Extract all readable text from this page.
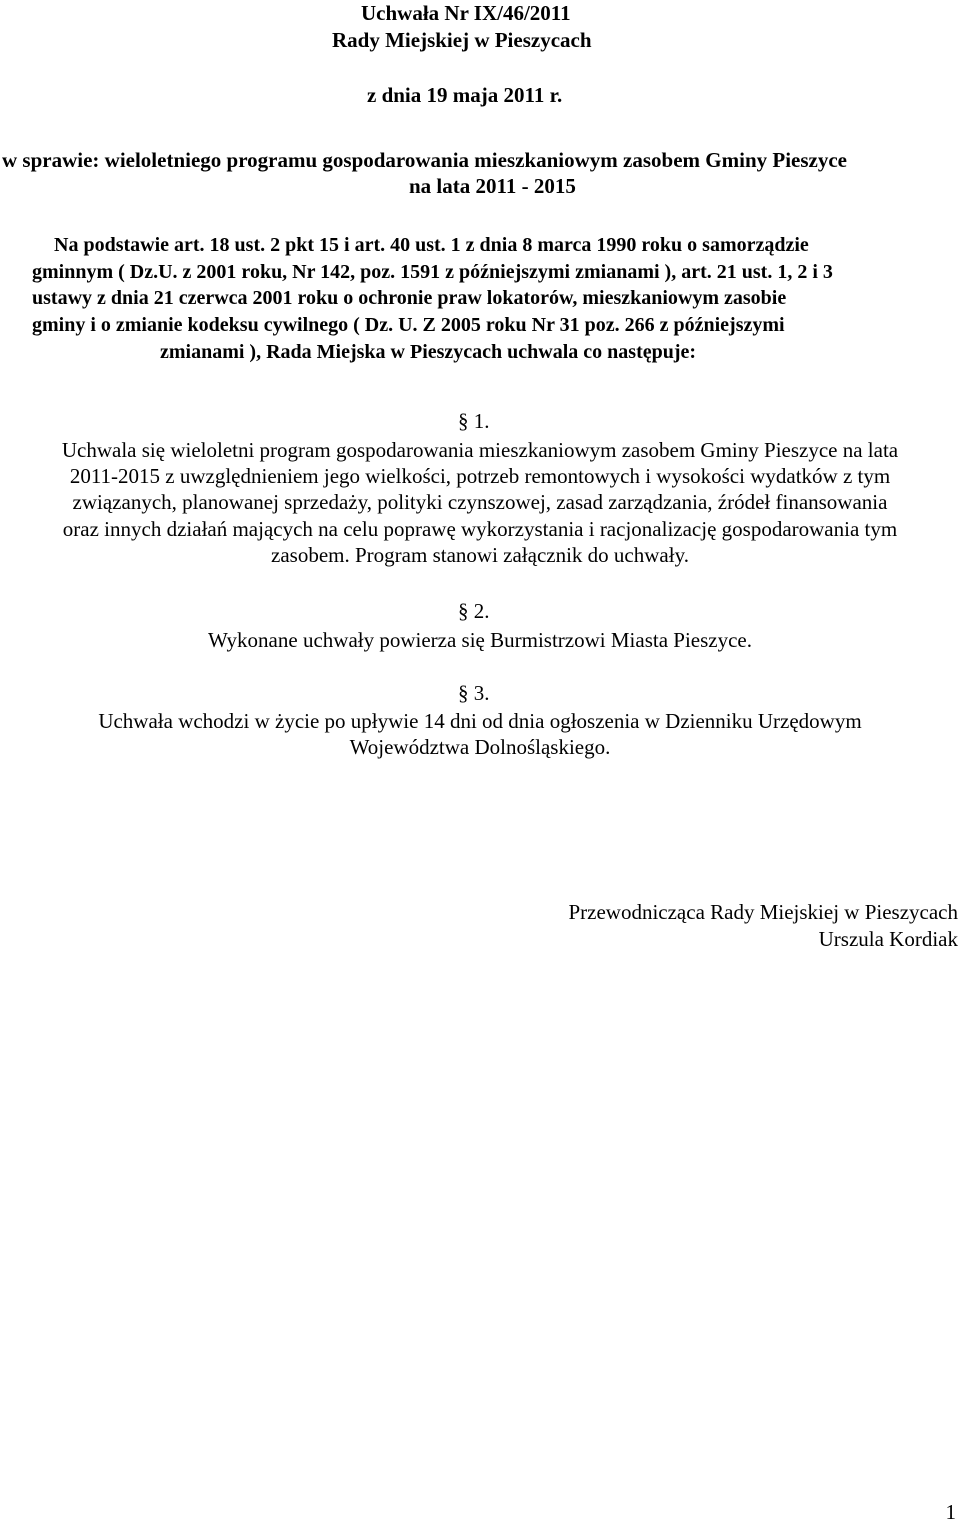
Uchwała Nr IX/46/2011
Rady Miejskiej w Pieszycach
z dnia 19 maja 2011 r.
w sprawie: wieloletniego programu gospodarowania mieszkaniowym zasobem Gminy Pieszyce
na lata 2011 - 2015
Na podstawie art. 18 ust. 2 pkt 15 i art. 40 ust. 1 z dnia 8 marca 1990 roku o samorządzie
gminnym ( Dz.U. z 2001 roku, Nr 142, poz. 1591 z późniejszymi zmianami ), art. 21 ust. 1, 2 i 3
ustawy z dnia 21 czerwca 2001 roku o ochronie praw lokatorów, mieszkaniowym zasobie
gminy i o zmianie kodeksu cywilnego ( Dz. U. Z 2005 roku Nr 31 poz. 266 z późniejszymi
zmianami ), Rada Miejska w Pieszycach uchwala co następuje:
§ 1.
Uchwala się wieloletni program gospodarowania mieszkaniowym zasobem Gminy Pieszyce na lata
2011-2015 z uwzględnieniem jego wielkości, potrzeb remontowych i wysokości wydatków z tym
związanych, planowanej sprzedaży, polityki czynszowej, zasad zarządzania, źródeł finansowania
oraz innych działań mających na celu poprawę wykorzystania i racjonalizację gospodarowania tym
zasobem. Program stanowi załącznik do uchwały.
§ 2.
Wykonane uchwały powierza się Burmistrzowi Miasta Pieszyce.
§ 3.
Uchwała wchodzi w życie po upływie 14 dni od dnia ogłoszenia w Dzienniku Urzędowym
Województwa Dolnośląskiego.
Przewodnicząca Rady Miejskiej w Pieszycach
Urszula Kordiak
1
